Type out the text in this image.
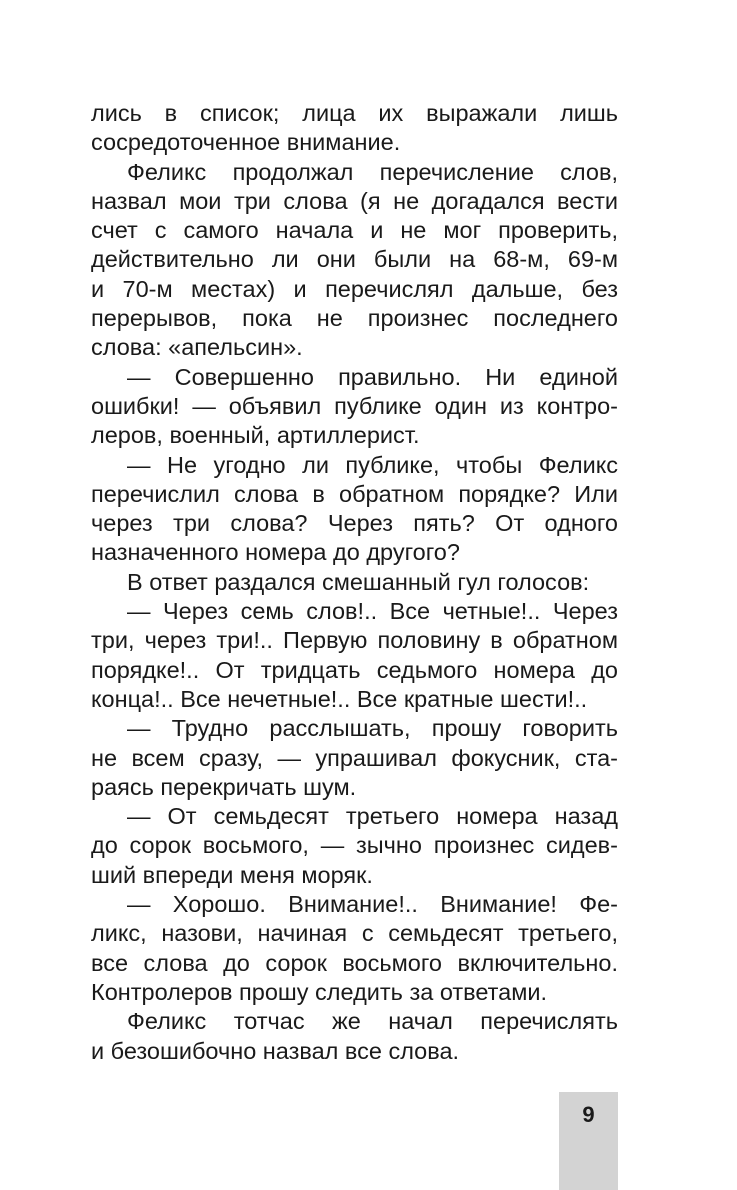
лись в список; лица их выражали лишь
сосредоточенное внимание.
Феликс продолжал перечисление слов,
назвал мои три слова (я не догадался вести
счет с самого начала и не мог проверить,
действительно ли они были на 68-м, 69-м
и 70-м местах) и перечислял дальше, без
перерывов, пока не произнес последнего
слова: «апельсин».
— Совершенно правильно. Ни единой
ошибки! — объявил публике один из контро-
леров, военный, артиллерист.
— Не угодно ли публике, чтобы Феликс
перечислил слова в обратном порядке? Или
через три слова? Через пять? От одного
назначенного номера до другого?
В ответ раздался смешанный гул голосов:
— Через семь слов!.. Все четные!.. Через
три, через три!.. Первую половину в обратном
порядке!.. От тридцать седьмого номера до
конца!.. Все нечетные!.. Все кратные шести!..
— Трудно расслышать, прошу говорить
не всем сразу, — упрашивал фокусник, ста-
раясь перекричать шум.
— От семьдесят третьего номера назад
до сорок восьмого, — зычно произнес сидев-
ший впереди меня моряк.
— Хорошо. Внимание!.. Внимание! Фе-
ликс, назови, начиная с семьдесят третьего,
все слова до сорок восьмого включительно.
Контролеров прошу следить за ответами.
Феликс тотчас же начал перечислять
и безошибочно назвал все слова.
9
